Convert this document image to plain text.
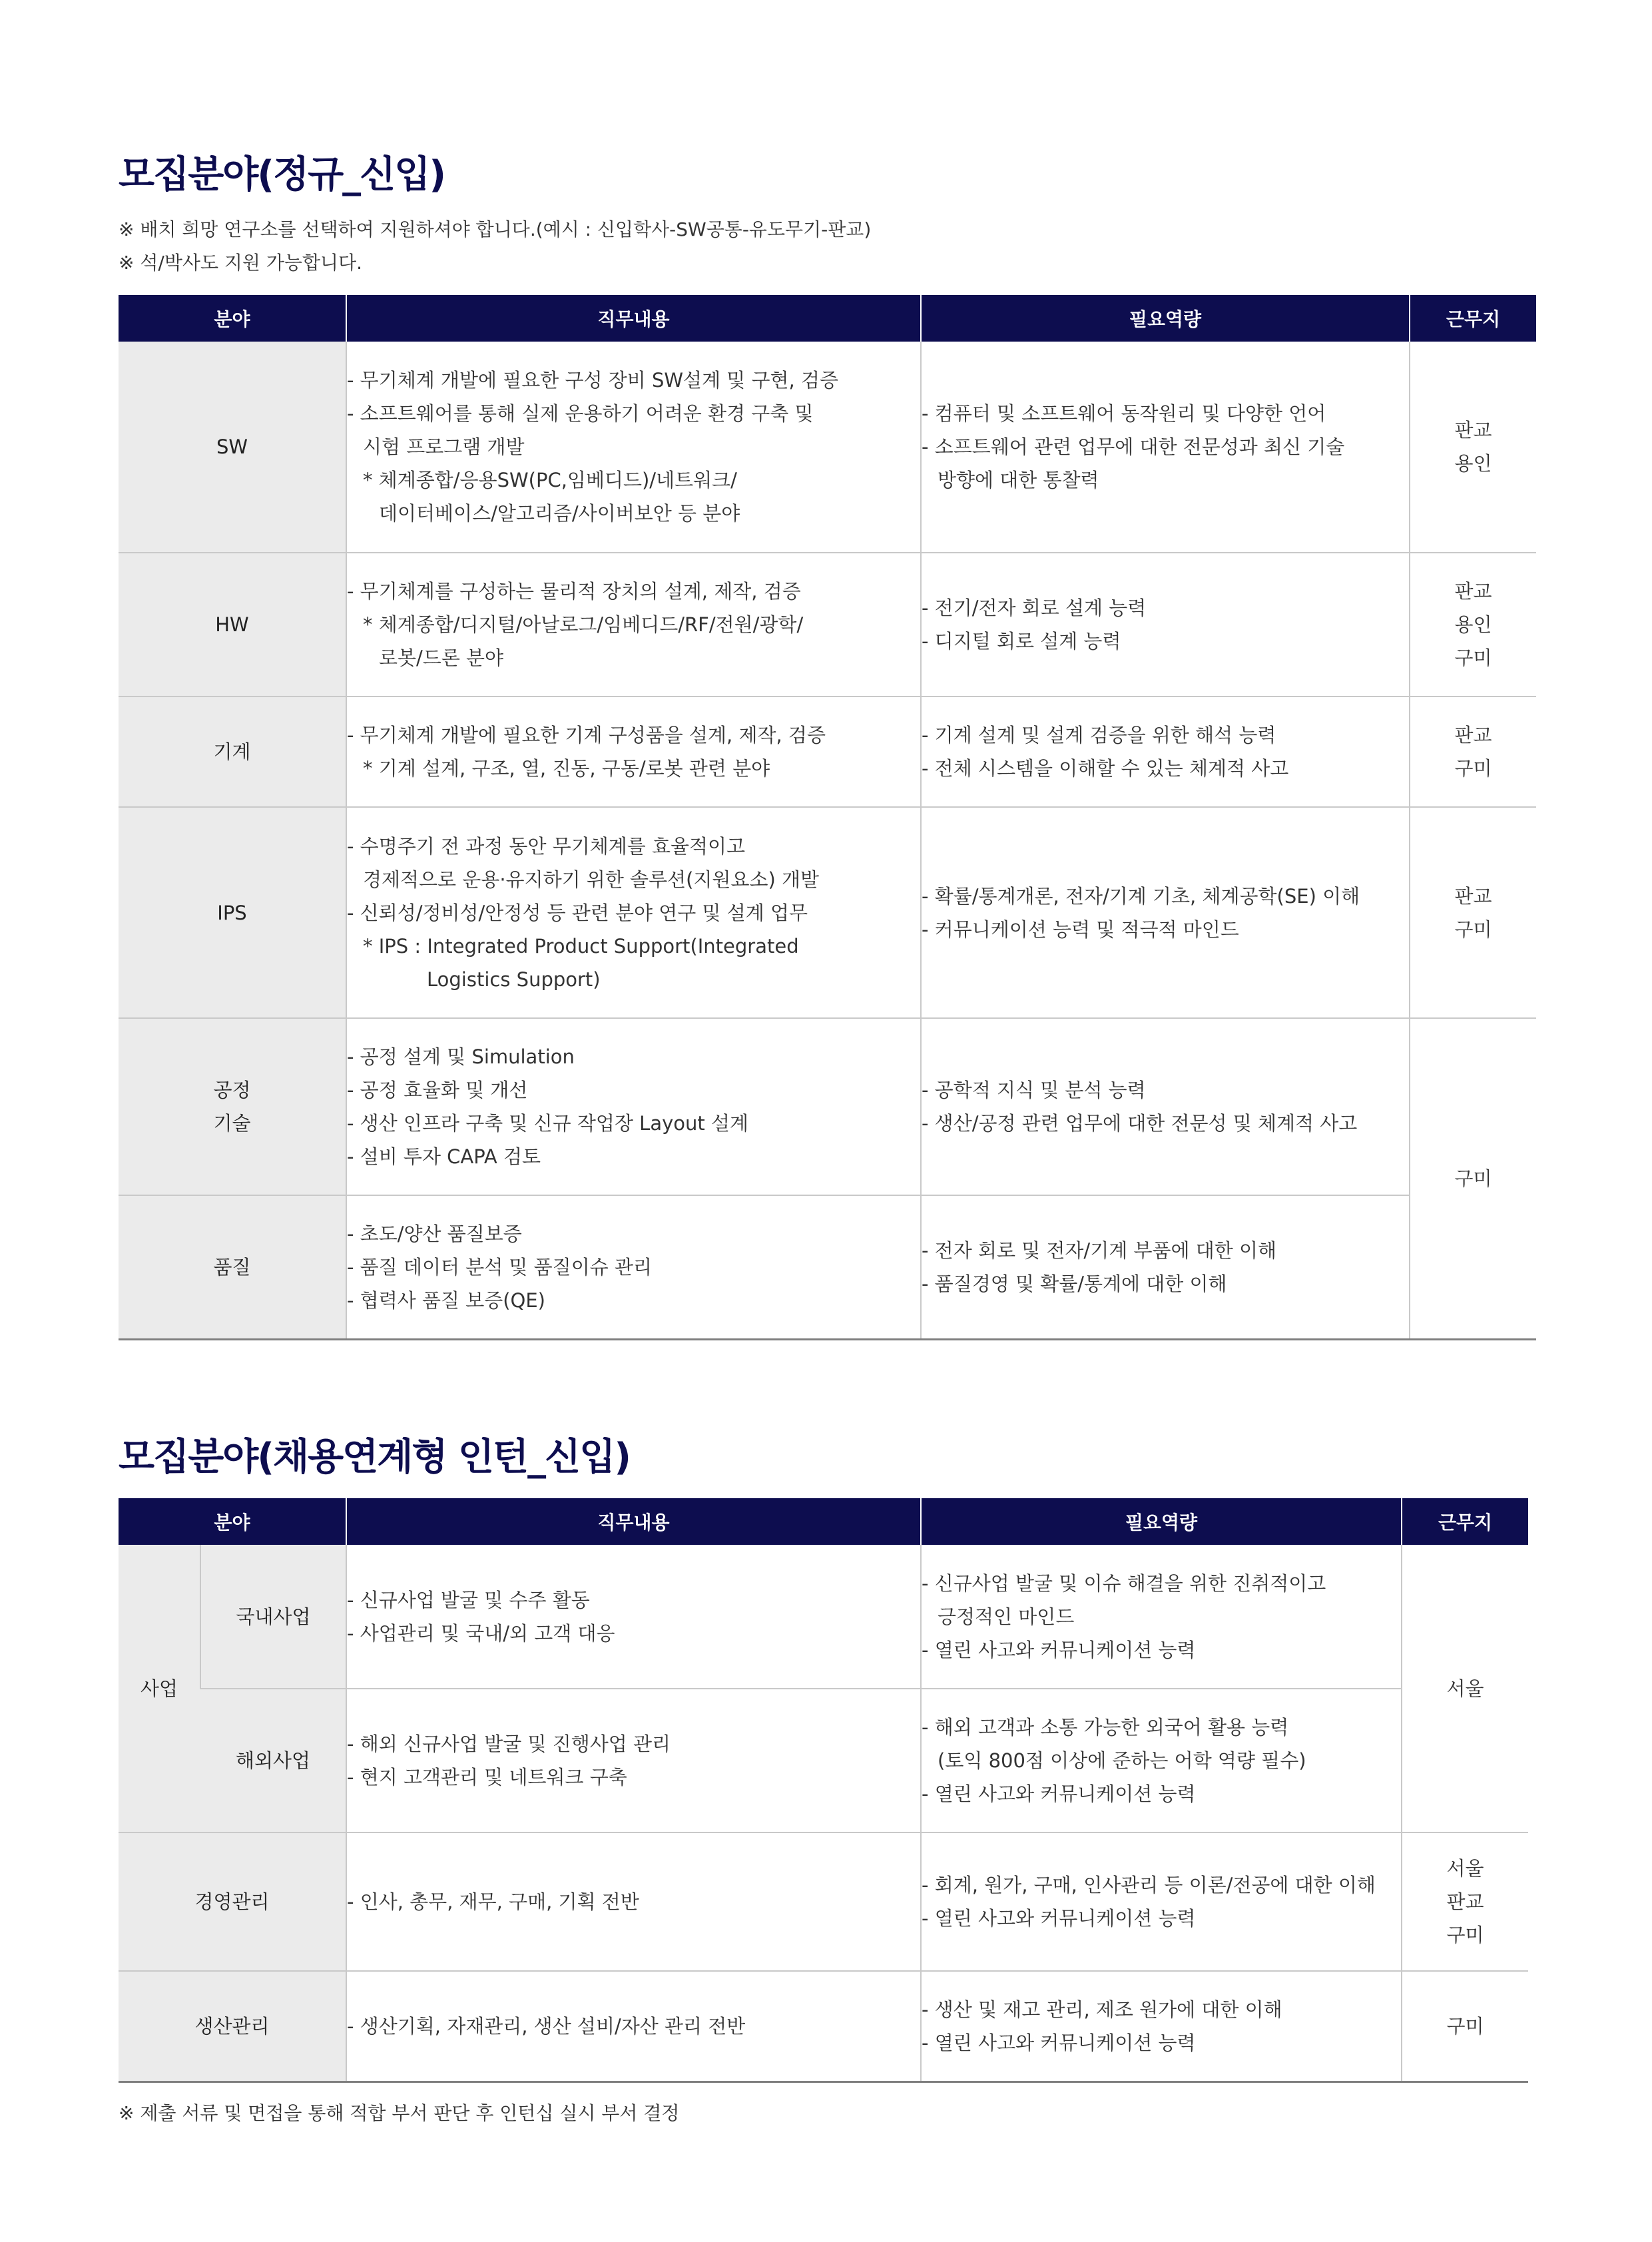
모집분야(정규_신입)

※ 배치 희망 연구소를 선택하여 지원하셔야 합니다.(예시 : 신입학사-SW공통-유도무기-판교)

※ 석/박사도 지원 가능합니다.

분야	직무내용	필요역량	근무지
SW	- 무기체계 개발에 필요한 구성 장비 SW설계 및 구현, 검증
- 소프트웨어를 통해 실제 운용하기 어려운 환경 구축 및
시험 프로그램 개발
* 체계종합/응용SW(PC,임베디드)/네트워크/
데이터베이스/알고리즘/사이버보안 등 분야	- 컴퓨터 및 소프트웨어 동작원리 및 다양한 언어
- 소프트웨어 관련 업무에 대한 전문성과 최신 기술
방향에 대한 통찰력	판교
용인

HW	- 무기체계를 구성하는 물리적 장치의 설계, 제작, 검증
* 체계종합/디지털/아날로그/임베디드/RF/전원/광학/
로봇/드론 분야	- 전기/전자 회로 설계 능력
- 디지털 회로 설계 능력	판교
용인
구미

기계	- 무기체계 개발에 필요한 기계 구성품을 설계, 제작, 검증
* 기계 설계, 구조, 열, 진동, 구동/로봇 관련 분야	- 기계 설계 및 설계 검증을 위한 해석 능력
- 전체 시스템을 이해할 수 있는 체계적 사고	판교
구미

IPS	- 수명주기 전 과정 동안 무기체계를 효율적이고
경제적으로 운용·유지하기 위한 솔루션(지원요소) 개발
- 신뢰성/정비성/안정성 등 관련 분야 연구 및 설계 업무
* IPS : Integrated Product Support(Integrated
Logistics Support)	- 확률/통계개론, 전자/기계 기초, 체계공학(SE) 이해
- 커뮤니케이션 능력 및 적극적 마인드	판교
구미

공정
기술	- 공정 설계 및 Simulation
- 공정 효율화 및 개선
- 생산 인프라 구축 및 신규 작업장 Layout 설계
- 설비 투자 CAPA 검토	- 공학적 지식 및 분석 능력
- 생산/공정 관련 업무에 대한 전문성 및 체계적 사고	구미
품질	- 초도/양산 품질보증
- 품질 데이터 분석 및 품질이슈 관리
- 협력사 품질 보증(QE)	- 전자 회로 및 전자/기계 부품에 대한 이해
- 품질경영 및 확률/통계에 대한 이해	
모집분야(채용연계형 인턴_신입)
분야		직무내용	필요역량	근무지
사업	국내사업	- 신규사업 발굴 및 수주 활동
- 사업관리 및 국내/외 고객 대응	- 신규사업 발굴 및 이슈 해결을 위한 진취적이고
긍정적인 마인드
- 열린 사고와 커뮤니케이션 능력	서울
	해외사업	- 해외 신규사업 발굴 및 진행사업 관리
- 현지 고객관리 및 네트워크 구축	- 해외 고객과 소통 가능한 외국어 활용 능력
(토익 800점 이상에 준하는 어학 역량 필수)
- 열린 사고와 커뮤니케이션 능력	

경영관리		- 인사, 총무, 재무, 구매, 기획 전반	- 회계, 원가, 구매, 인사관리 등 이론/전공에 대한 이해
- 열린 사고와 커뮤니케이션 능력	서울
판교
구미

생산관리		- 생산기획, 자재관리, 생산 설비/자산 관리 전반	- 생산 및 재고 관리, 제조 원가에 대한 이해
- 열린 사고와 커뮤니케이션 능력	구미

※ 제출 서류 및 면접을 통해 적합 부서 판단 후 인턴십 실시 부서 결정
